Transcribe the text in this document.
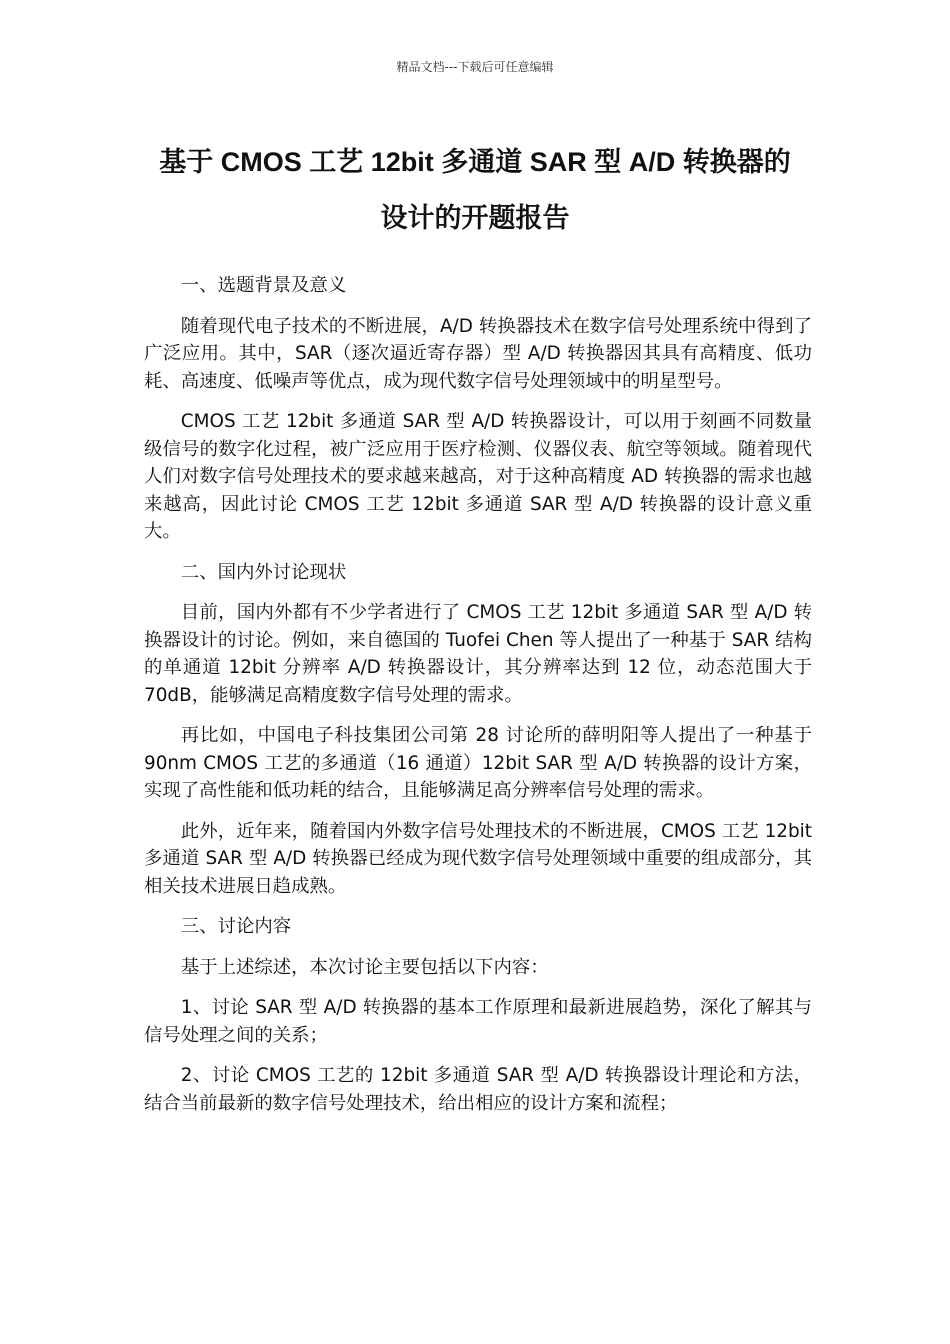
精品文档---下载后可任意编辑
基于 CMOS 工艺 12bit 多通道 SAR 型 A/D 转换器的
设计的开题报告

一、选题背景及意义

随着现代电子技术的不断进展，A/D 转换器技术在数字信号处理系统中得到了广泛应用。其中，SAR（逐次逼近寄存器）型 A/D 转换器因其具有高精度、低功耗、高速度、低噪声等优点，成为现代数字信号处理领域中的明星型号。

CMOS 工艺 12bit 多通道 SAR 型 A/D 转换器设计，可以用于刻画不同数量级信号的数字化过程，被广泛应用于医疗检测、仪器仪表、航空等领域。随着现代人们对数字信号处理技术的要求越来越高，对于这种高精度 AD 转换器的需求也越来越高，因此讨论 CMOS 工艺 12bit 多通道 SAR 型 A/D 转换器的设计意义重大。

二、国内外讨论现状

目前，国内外都有不少学者进行了 CMOS 工艺 12bit 多通道 SAR 型 A/D 转换器设计的讨论。例如，来自德国的 Tuofei Chen 等人提出了一种基于 SAR 结构的单通道 12bit 分辨率 A/D 转换器设计，其分辨率达到 12 位，动态范围大于 70dB，能够满足高精度数字信号处理的需求。

再比如，中国电子科技集团公司第 28 讨论所的薛明阳等人提出了一种基于 90nm CMOS 工艺的多通道（16 通道）12bit SAR 型 A/D 转换器的设计方案，实现了高性能和低功耗的结合，且能够满足高分辨率信号处理的需求。

此外，近年来，随着国内外数字信号处理技术的不断进展，CMOS 工艺 12bit 多通道 SAR 型 A/D 转换器已经成为现代数字信号处理领域中重要的组成部分，其相关技术进展日趋成熟。

三、讨论内容

基于上述综述，本次讨论主要包括以下内容：

1、讨论 SAR 型 A/D 转换器的基本工作原理和最新进展趋势，深化了解其与信号处理之间的关系；

2、讨论 CMOS 工艺的 12bit 多通道 SAR 型 A/D 转换器设计理论和方法，结合当前最新的数字信号处理技术，给出相应的设计方案和流程；
